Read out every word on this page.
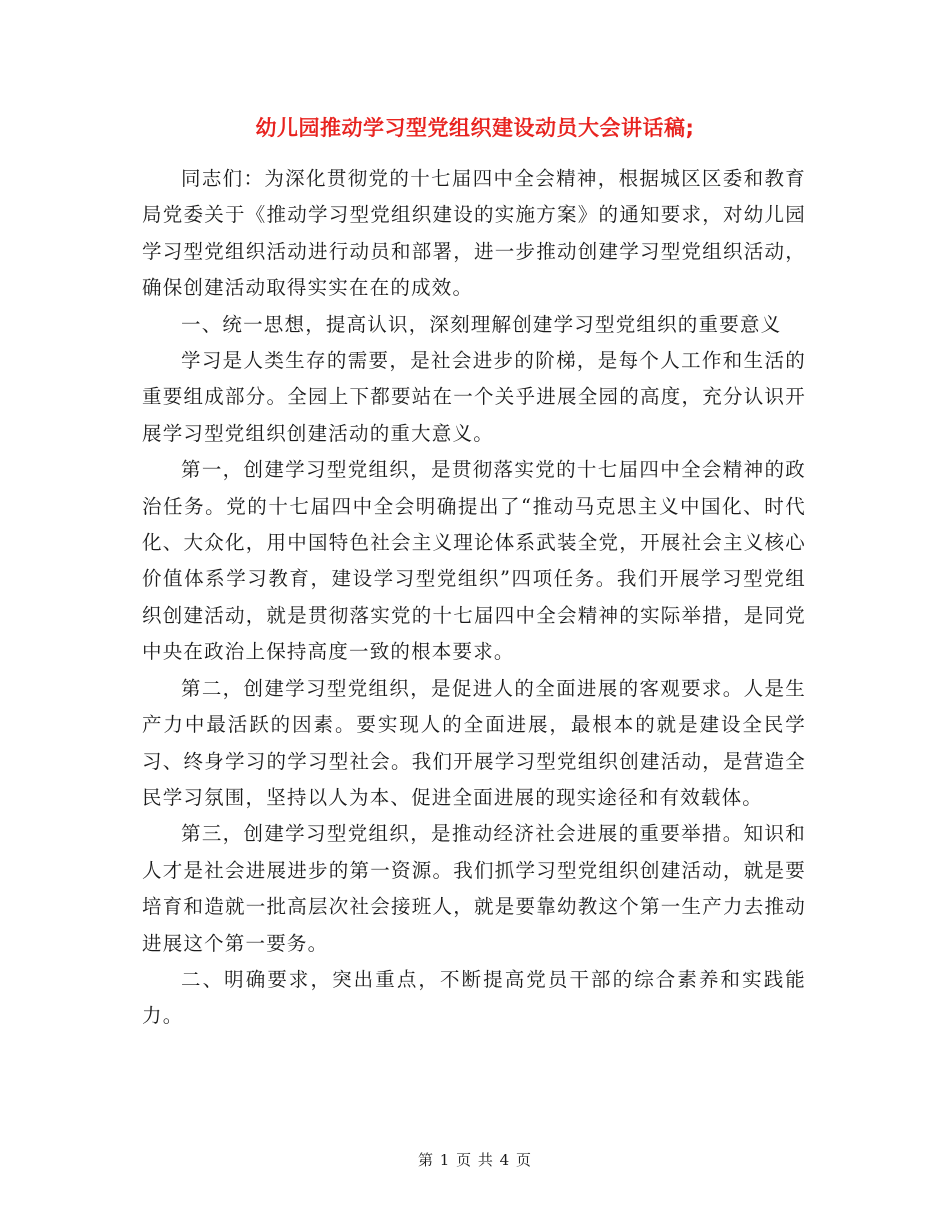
幼儿园推动学习型党组织建设动员大会讲话稿;

同志们：为深化贯彻党的十七届四中全会精神，根据城区区委和教育局党委关于《推动学习型党组织建设的实施方案》的通知要求，对幼儿园学习型党组织活动进行动员和部署，进一步推动创建学习型党组织活动，确保创建活动取得实实在在的成效。

一、统一思想，提高认识，深刻理解创建学习型党组织的重要意义

学习是人类生存的需要，是社会进步的阶梯，是每个人工作和生活的重要组成部分。全园上下都要站在一个关乎进展全园的高度，充分认识开展学习型党组织创建活动的重大意义。

第一，创建学习型党组织，是贯彻落实党的十七届四中全会精神的政治任务。党的十七届四中全会明确提出了“推动马克思主义中国化、时代化、大众化，用中国特色社会主义理论体系武装全党，开展社会主义核心价值体系学习教育，建设学习型党组织”四项任务。我们开展学习型党组织创建活动，就是贯彻落实党的十七届四中全会精神的实际举措，是同党中央在政治上保持高度一致的根本要求。

第二，创建学习型党组织，是促进人的全面进展的客观要求。人是生产力中最活跃的因素。要实现人的全面进展，最根本的就是建设全民学习、终身学习的学习型社会。我们开展学习型党组织创建活动，是营造全民学习氛围，坚持以人为本、促进全面进展的现实途径和有效载体。

第三，创建学习型党组织，是推动经济社会进展的重要举措。知识和人才是社会进展进步的第一资源。我们抓学习型党组织创建活动，就是要培育和造就一批高层次社会接班人，就是要靠幼教这个第一生产力去推动进展这个第一要务。

二、明确要求，突出重点，不断提高党员干部的综合素养和实践能力。

第 1 页 共 4 页
